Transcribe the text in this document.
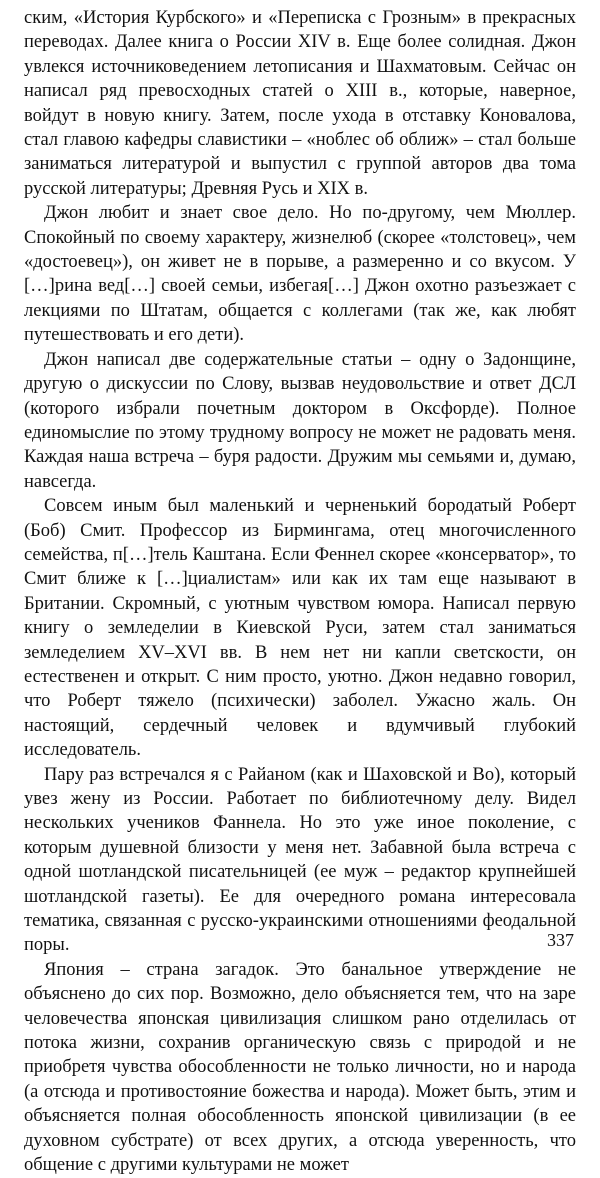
ским, «История Курбского» и «Переписка с Грозным» в прекрасных переводах. Далее книга о России XIV в. Еще более солидная. Джон увлекся источниковедением летописания и Шахматовым. Сейчас он написал ряд превосходных статей о XIII в., которые, наверное, войдут в новую книгу. Затем, после ухода в отставку Коновалова, стал главою кафедры славистики – «ноблес об оближ» – стал больше заниматься литературой и выпустил с группой авторов два тома русской литературы; Древняя Русь и XIX в.

Джон любит и знает свое дело. Но по-другому, чем Мюллер. Спокойный по своему характеру, жизнелюб (скорее «толстовец», чем «достоевец»), он живет не в порыве, а размеренно и со вкусом. У […]рина вед[…] своей семьи, избегая[…] Джон охотно разъезжает с лекциями по Штатам, общается с коллегами (так же, как любят путешествовать и его дети).

Джон написал две содержательные статьи – одну о Задонщине, другую о дискуссии по Слову, вызвав неудовольствие и ответ ДСЛ (которого избрали почетным доктором в Оксфорде). Полное единомыслие по этому трудному вопросу не может не радовать меня. Каждая наша встреча – буря радости. Дружим мы семьями и, думаю, навсегда.

Совсем иным был маленький и черненький бородатый Роберт (Боб) Смит. Профессор из Бирмингама, отец многочисленного семейства, п[…]тель Каштана. Если Феннел скорее «консерватор», то Смит ближе к […]циалистам» или как их там еще называют в Британии. Скромный, с уютным чувством юмора. Написал первую книгу о земледелии в Киевской Руси, затем стал заниматься земледелием XV–XVI вв. В нем нет ни капли светскости, он естественен и открыт. С ним просто, уютно. Джон недавно говорил, что Роберт тяжело (психически) заболел. Ужасно жаль. Он настоящий, сердечный человек и вдумчивый глубокий исследователь.

Пару раз встречался я с Райаном (как и Шаховской и Во), который увез жену из России. Работает по библиотечному делу. Видел нескольких учеников Фаннела. Но это уже иное поколение, с которым душевной близости у меня нет. Забавной была встреча с одной шотландской писательницей (ее муж – редактор крупнейшей шотландской газеты). Ее для очередного романа интересовала тематика, связанная с русско-украинскими отношениями феодальной поры.

Япония – страна загадок. Это банальное утверждение не объяснено до сих пор. Возможно, дело объясняется тем, что на заре человечества японская цивилизация слишком рано отделилась от потока жизни, сохранив органическую связь с природой и не приобретя чувства обособленности не только личности, но и народа (а отсюда и противостояние божества и народа). Может быть, этим и объясняется полная обособленность японской цивилизации (в ее духовном субстрате) от всех других, а отсюда уверенность, что общение с другими культурами не может

337
